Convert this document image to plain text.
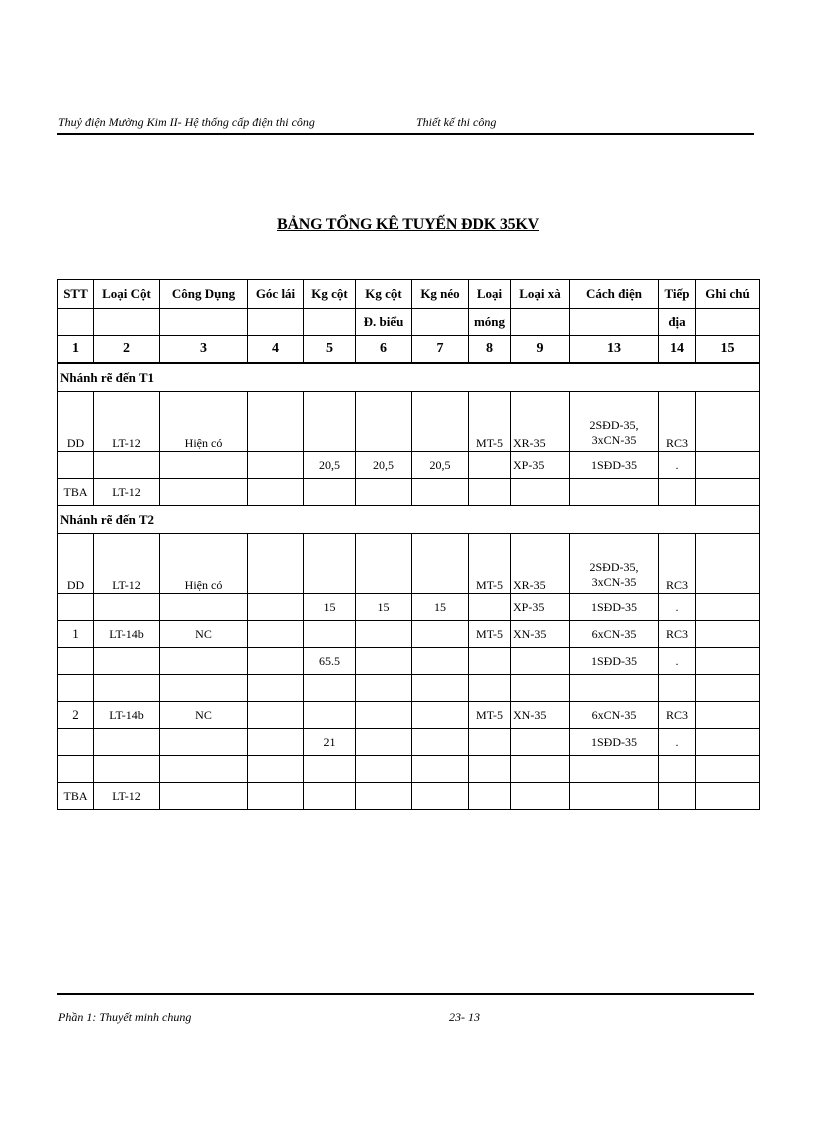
Thuỷ điện Mường Kim II- Hệ thống cấp điện thi công	Thiết kế thi công
BẢNG TỔNG KÊ TUYẾN ĐDK 35KV
STT	Loại Cột	Công Dụng	Góc lái	Kg cột	Kg cột	Kg néo	Loại	Loại xà	Cách điện	Tiếp	Ghi chú
					Đ. biểu		móng			địa	
1	2	3	4	5	6	7	8	9	13	14	15
Nhánh rẽ đến T1											
DD	LT-12	Hiện có					MT-5	XR-35	2SĐD-35, 3xCN-35	RC3	
				20,5	20,5	20,5		XP-35	1SĐD-35	.	
TBA	LT-12										
Nhánh rẽ đến T2											
DD	LT-12	Hiện có					MT-5	XR-35	2SĐD-35, 3xCN-35	RC3	
				15	15	15		XP-35	1SĐD-35	.	
1	LT-14b	NC					MT-5	XN-35	6xCN-35	RC3	
				65.5					1SĐD-35	.	

2	LT-14b	NC					MT-5	XN-35	6xCN-35	RC3	
				21					1SĐD-35	.	

TBA	LT-12										
Phần 1: Thuyết minh chung	23- 13
